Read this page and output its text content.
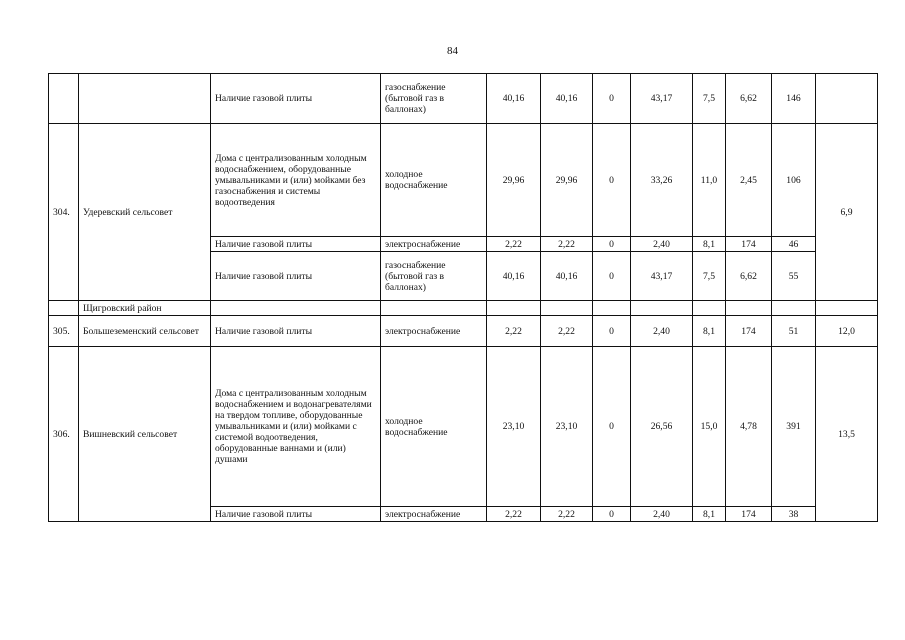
84
		Наличие газовой плиты	газоснабжение (бытовой газ в баллонах)	40,16	40,16	0	43,17	7,5	6,62	146	
304.	Удеревский сельсовет	Дома с централизованным холодным водоснабжением, оборудованные умывальниками и (или) мойками без газоснабжения и системы водоотведения	холодное водоснабжение	29,96	29,96	0	33,26	11,0	2,45	106	6,9
		Наличие газовой плиты	электроснабжение	2,22	2,22	0	2,40	8,1	174	46	
		Наличие газовой плиты	газоснабжение (бытовой газ в баллонах)	40,16	40,16	0	43,17	7,5	6,62	55	
	Щигровский район										
305.	Большеземенский сельсовет	Наличие газовой плиты	электроснабжение	2,22	2,22	0	2,40	8,1	174	51	12,0
306.	Вишневский сельсовет	Дома с централизованным холодным водоснабжением и водонагревателями на твердом топливе, оборудованные умывальниками и (или) мойками с системой водоотведения, оборудованные ваннами и (или) душами	холодное водоснабжение	23,10	23,10	0	26,56	15,0	4,78	391	13,5
		Наличие газовой плиты	электроснабжение	2,22	2,22	0	2,40	8,1	174	38	
